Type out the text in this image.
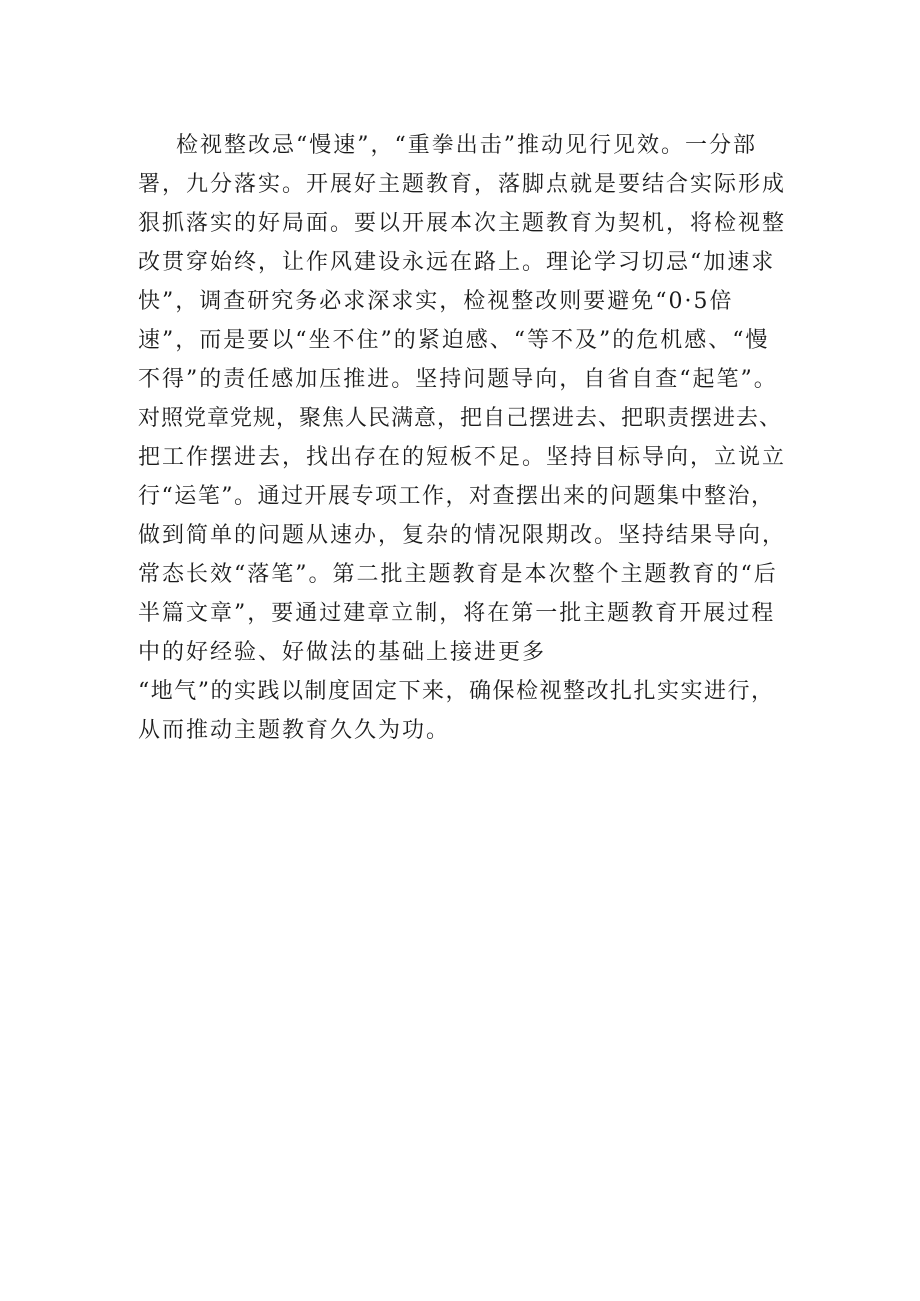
检视整改忌“慢速”，“重拳出击”推动见行见效。一分部
署，九分落实。开展好主题教育，落脚点就是要结合实际形成
狠抓落实的好局面。要以开展本次主题教育为契机，将检视整
改贯穿始终，让作风建设永远在路上。理论学习切忌“加速求
快”，调查研究务必求深求实，检视整改则要避免“0·5倍
速”，而是要以“坐不住”的紧迫感、“等不及”的危机感、“慢
不得”的责任感加压推进。坚持问题导向，自省自查“起笔”。
对照党章党规，聚焦人民满意，把自己摆进去、把职责摆进去、
把工作摆进去，找出存在的短板不足。坚持目标导向，立说立
行“运笔”。通过开展专项工作，对查摆出来的问题集中整治，
做到简单的问题从速办，复杂的情况限期改。坚持结果导向，
常态长效“落笔”。第二批主题教育是本次整个主题教育的“后
半篇文章”，要通过建章立制，将在第一批主题教育开展过程
中的好经验、好做法的基础上接进更多
“地气”的实践以制度固定下来，确保检视整改扎扎实实进行，
从而推动主题教育久久为功。
